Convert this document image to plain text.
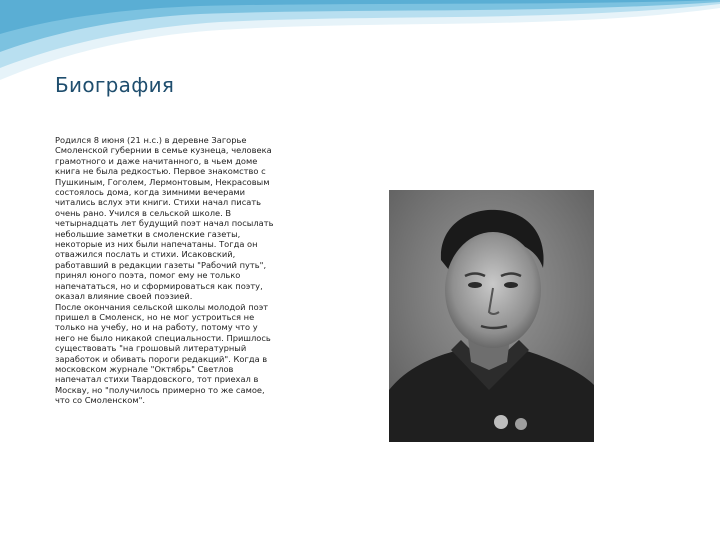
Биография

Родился 8 июня (21 н.с.) в деревне Загорье Смоленской губернии в семье кузнеца, человека грамотного и даже начитанного, в чьем доме книга не была редкостью. Первое знакомство с Пушкиным, Гоголем, Лермонтовым, Некрасовым состоялось дома, когда зимними вечерами читались вслух эти книги. Стихи начал писать очень рано. Учился в сельской школе. В четырнадцать лет будущий поэт начал посылать небольшие заметки в смоленские газеты, некоторые из них были напечатаны. Тогда он отважился послать и стихи. Исаковский, работавший в редакции газеты "Рабочий путь", принял юного поэта, помог ему не только напечататься, но и сформироваться как поэту, оказал влияние своей поэзией.

После окончания сельской школы молодой поэт пришел в Смоленск, но не мог устроиться не только на учебу, но и на работу, потому что у него не было никакой специальности. Пришлось существовать "на грошовый литературный заработок и обивать пороги редакций". Когда в московском журнале "Октябрь" Светлов напечатал стихи Твардовского, тот приехал в Москву, но "получилось примерно то же самое, что со Смоленском".
